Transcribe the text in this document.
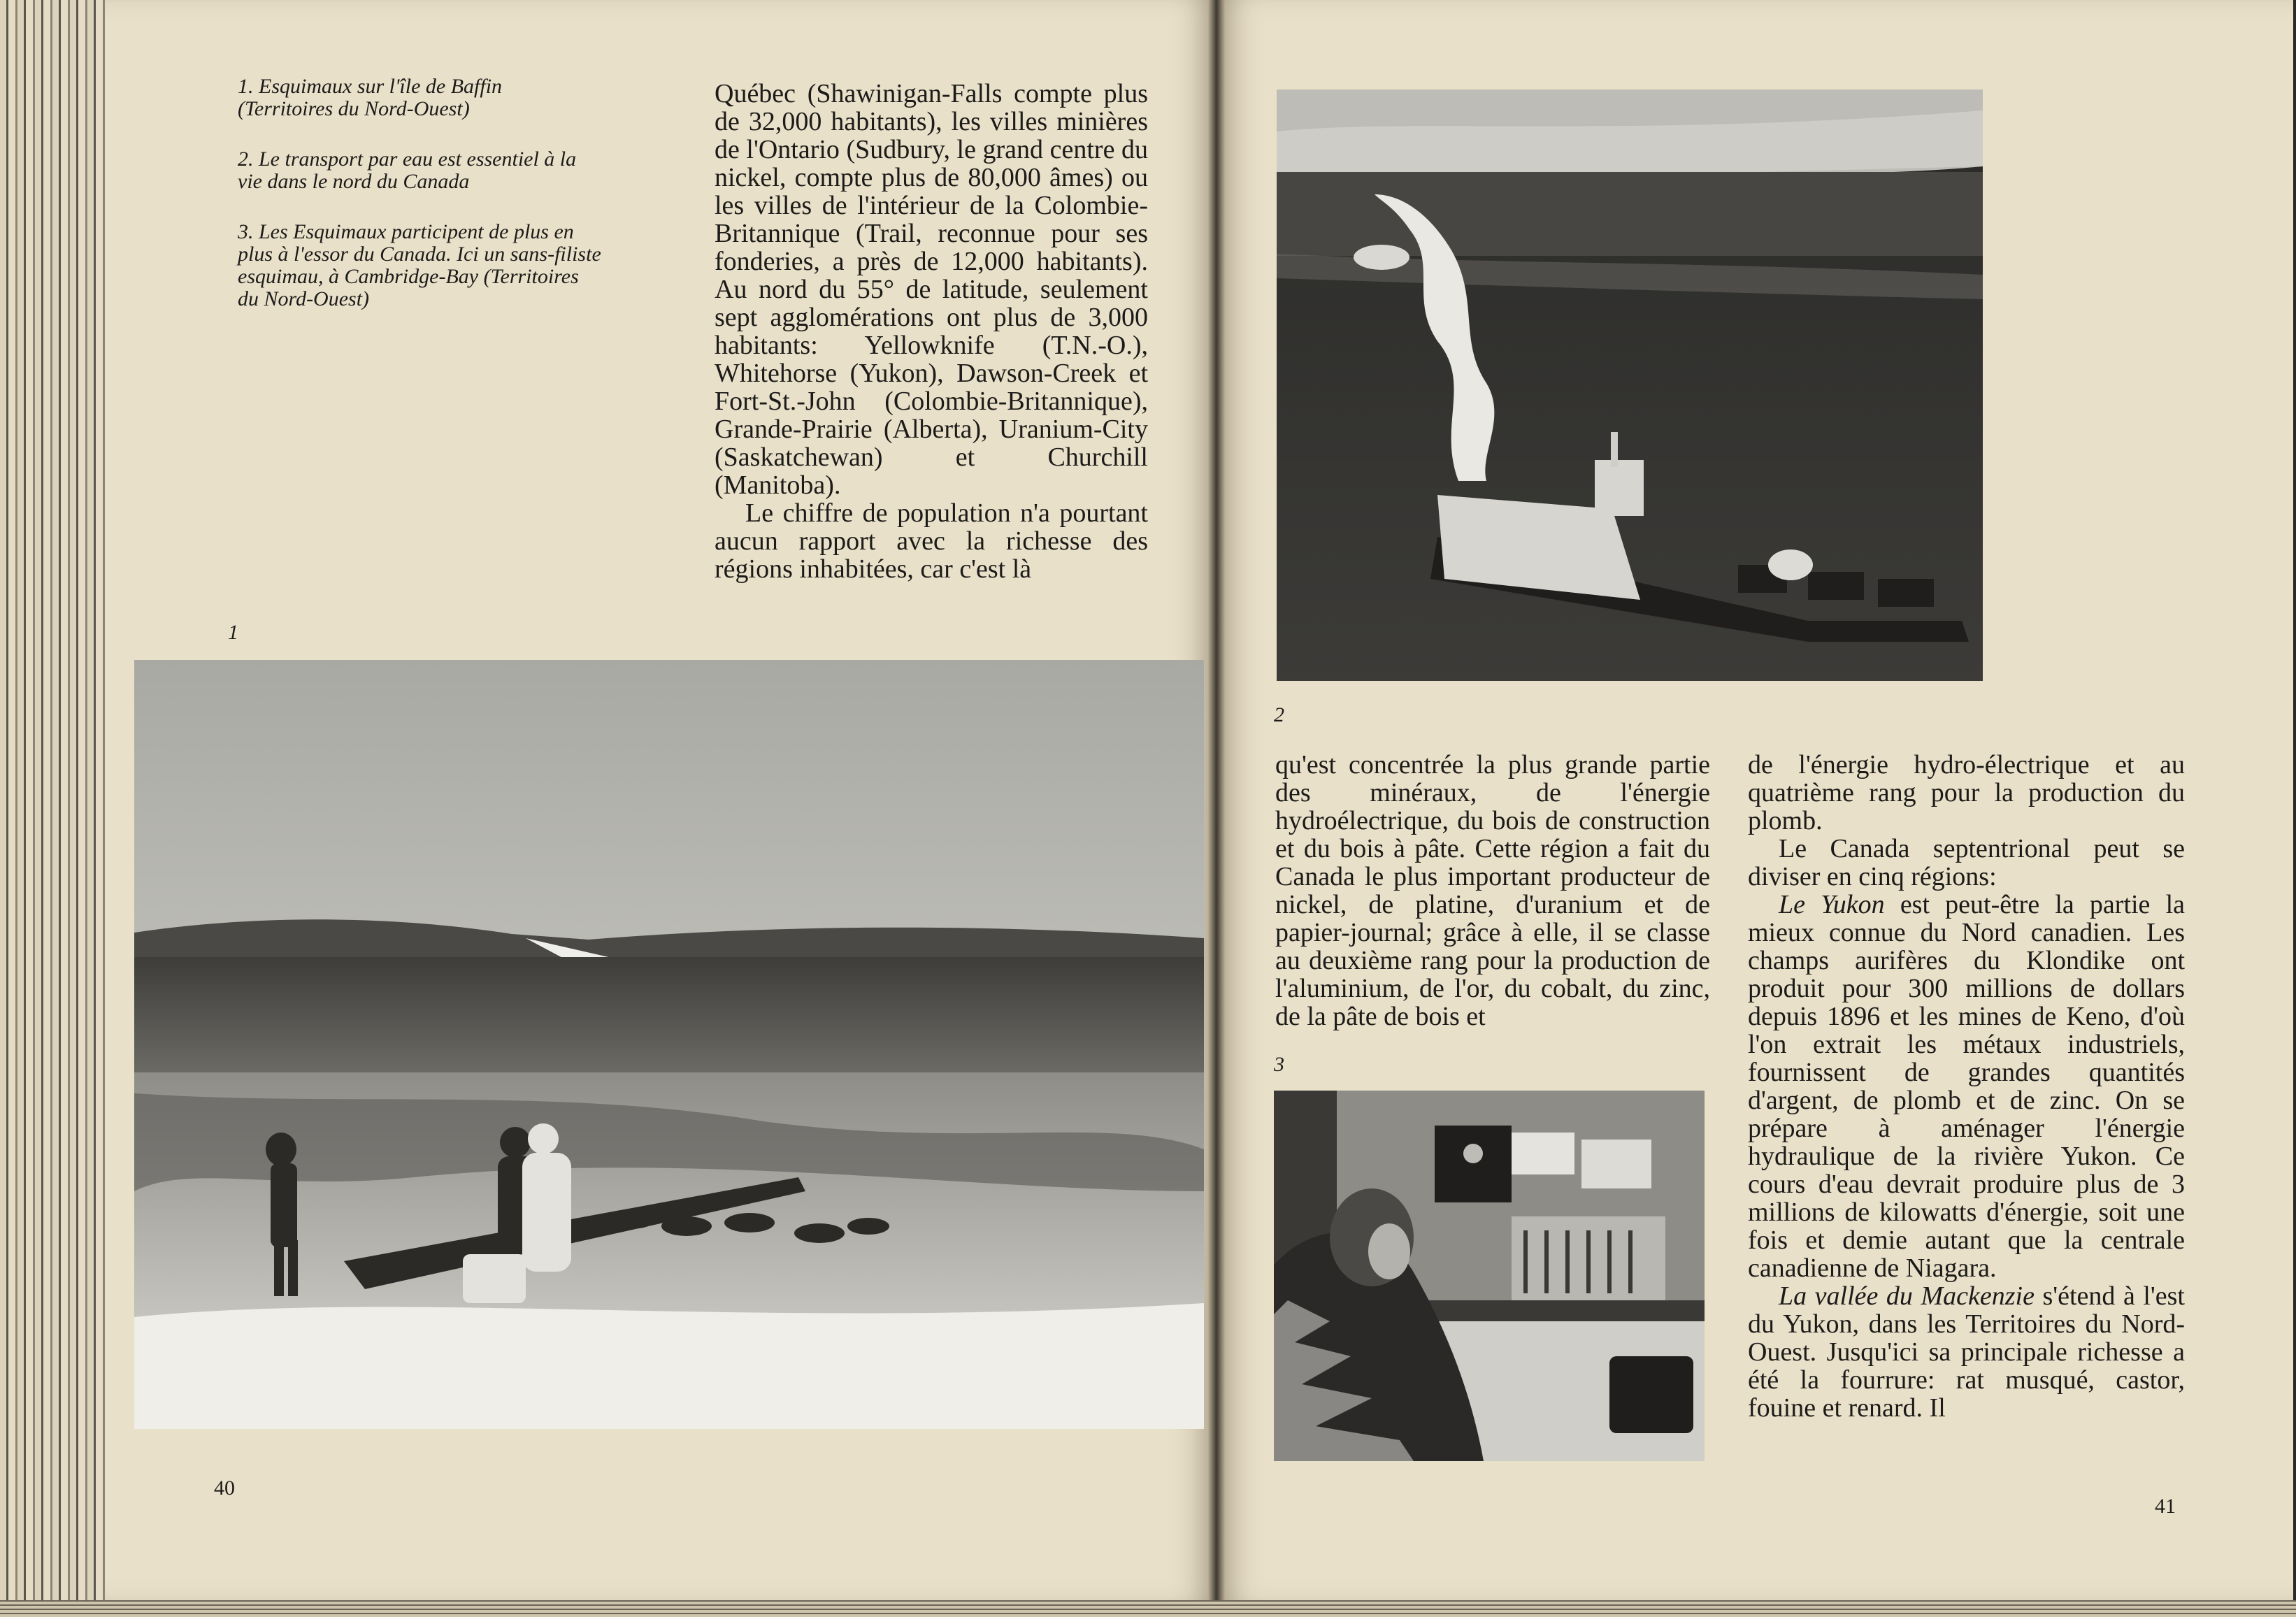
1. Esquimaux sur l'île de Baffin (Territoires du Nord-Ouest)

2. Le transport par eau est essentiel à la vie dans le nord du Canada

3. Les Esquimaux participent de plus en plus à l'essor du Canada. Ici un sans-filiste esquimau, à Cambridge-Bay (Territoires du Nord-Ouest)

Québec (Shawinigan-Falls compte plus de 32,000 habitants), les villes minières de l'Ontario (Sudbury, le grand centre du nickel, compte plus de 80,000 âmes) ou les villes de l'intérieur de la Colombie-Britannique (Trail, reconnue pour ses fonderies, a près de 12,000 habitants). Au nord du 55° de latitude, seulement sept agglomérations ont plus de 3,000 habitants: Yellowknife (T.N.-O.), Whitehorse (Yukon), Dawson-Creek et Fort-St.-John (Colombie-Britannique), Grande-Prairie (Alberta), Uranium-City (Saskatchewan) et Churchill (Manitoba).

Le chiffre de population n'a pourtant aucun rapport avec la richesse des régions inhabitées, car c'est là

1
40
2

qu'est concentrée la plus grande partie des minéraux, de l'énergie hydroélectrique, du bois de construction et du bois à pâte. Cette région a fait du Canada le plus important producteur de nickel, de platine, d'uranium et de papier-journal; grâce à elle, il se classe au deuxième rang pour la production de l'aluminium, de l'or, du cobalt, du zinc, de la pâte de bois et

3

de l'énergie hydro-électrique et au quatrième rang pour la production du plomb.

Le Canada septentrional peut se diviser en cinq régions:

Le Yukon est peut-être la partie la mieux connue du Nord canadien. Les champs aurifères du Klondike ont produit pour 300 millions de dollars depuis 1896 et les mines de Keno, d'où l'on extrait les métaux industriels, fournissent de grandes quantités d'argent, de plomb et de zinc. On se prépare à aménager l'énergie hydraulique de la rivière Yukon. Ce cours d'eau devrait produire plus de 3 millions de kilowatts d'énergie, soit une fois et demie autant que la centrale canadienne de Niagara.

La vallée du Mackenzie s'étend à l'est du Yukon, dans les Territoires du Nord-Ouest. Jusqu'ici sa principale richesse a été la fourrure: rat musqué, castor, fouine et renard. Il

41
